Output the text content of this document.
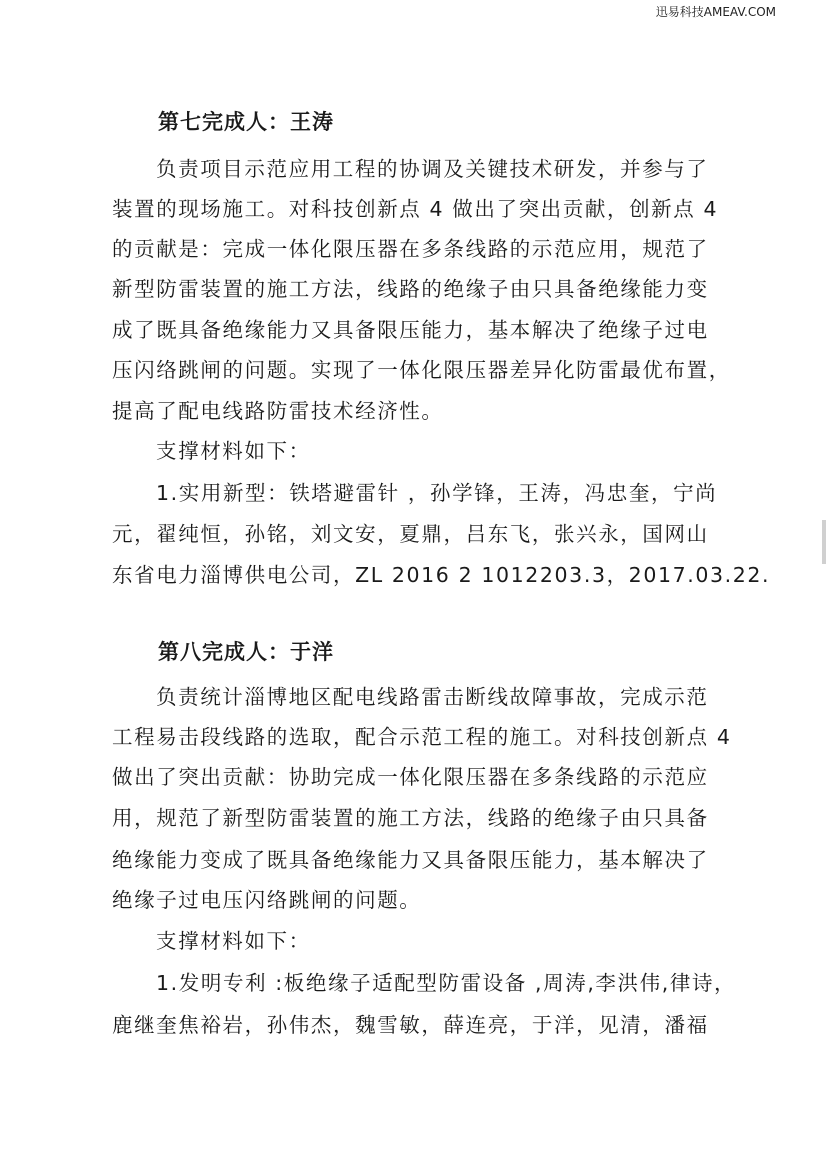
迅易科技AMEAV.COM
第七完成人：王涛
负责项目示范应用工程的协调及关键技术研发，并参与了
装置的现场施工。对科技创新点 4 做出了突出贡献，创新点 4
的贡献是：完成一体化限压器在多条线路的示范应用，规范了
新型防雷装置的施工方法，线路的绝缘子由只具备绝缘能力变
成了既具备绝缘能力又具备限压能力，基本解决了绝缘子过电
压闪络跳闸的问题。实现了一体化限压器差异化防雷最优布置，
提高了配电线路防雷技术经济性。
支撑材料如下：
1.实用新型：铁塔避雷针 ，孙学锋，王涛，冯忠奎，宁尚
元，翟纯恒，孙铭，刘文安，夏鼎，吕东飞，张兴永，国网山
东省电力淄博供电公司，ZL 2016 2 1012203.3，2017.03.22.
第八完成人：于洋
负责统计淄博地区配电线路雷击断线故障事故，完成示范
工程易击段线路的选取，配合示范工程的施工。对科技创新点 4
做出了突出贡献：协助完成一体化限压器在多条线路的示范应
用，规范了新型防雷装置的施工方法，线路的绝缘子由只具备
绝缘能力变成了既具备绝缘能力又具备限压能力，基本解决了
绝缘子过电压闪络跳闸的问题。
支撑材料如下：
1.发明专利 :板绝缘子适配型防雷设备 ,周涛,李洪伟,律诗，
鹿继奎焦裕岩，孙伟杰，魏雪敏，薛连亮，于洋，见清，潘福
